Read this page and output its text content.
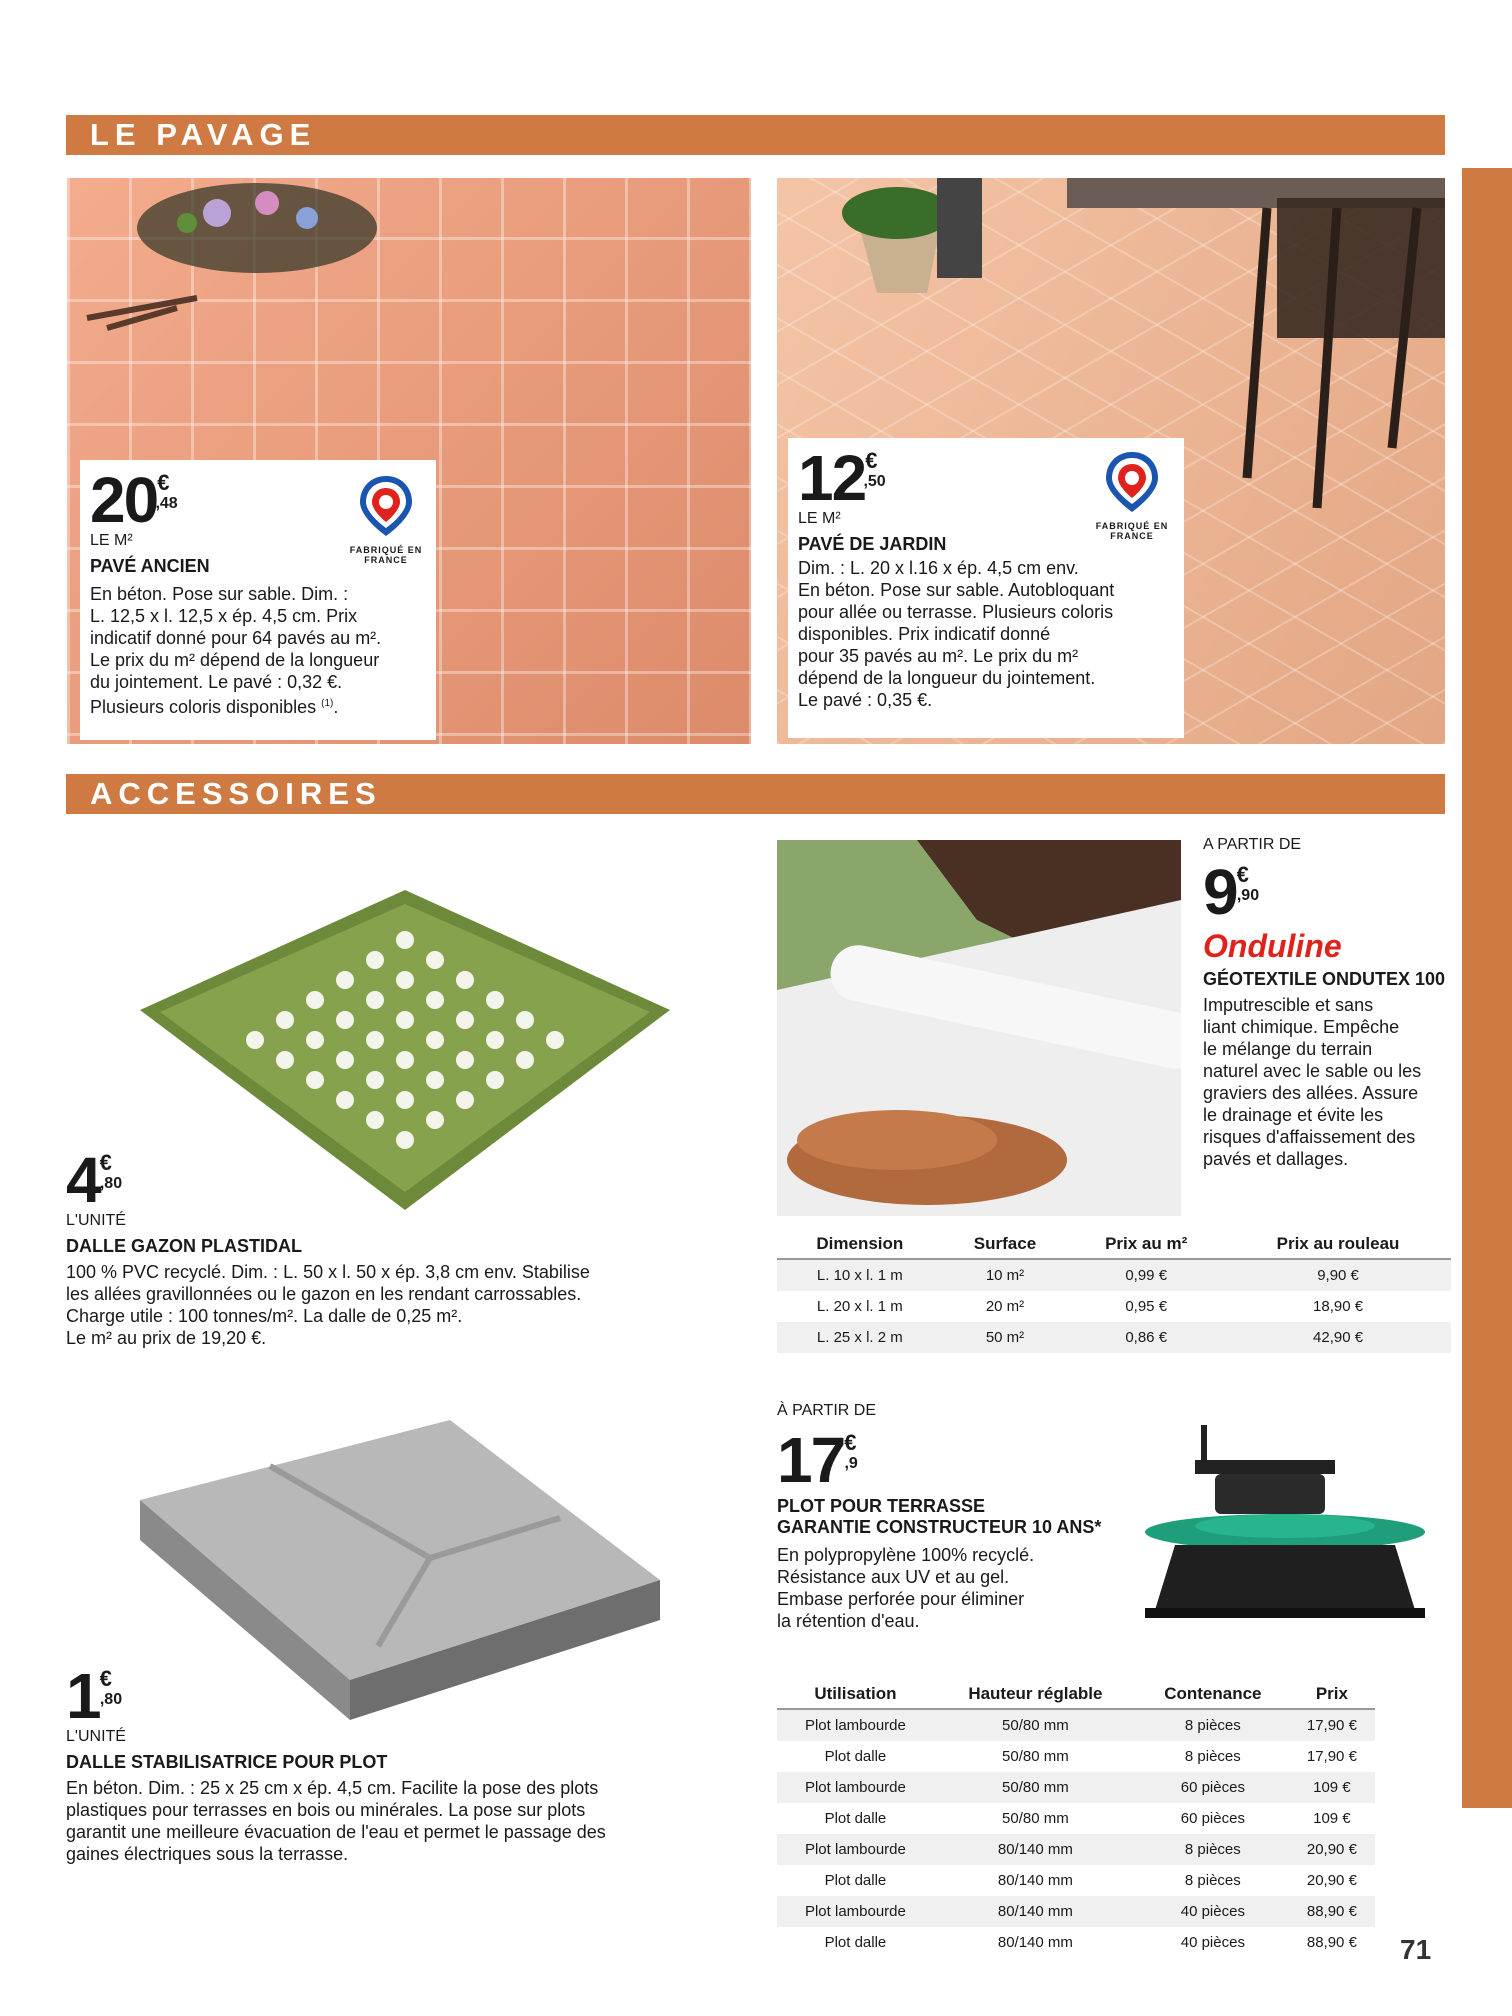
LE PAVAGE
20€,48
LE M²
PAVÉ ANCIEN
En béton. Pose sur sable. Dim. :
L. 12,5 x l. 12,5 x ép. 4,5 cm. Prix
indicatif donné pour 64 pavés au m².
Le prix du m² dépend de la longueur
du jointement. Le pavé : 0,32 €.
Plusieurs coloris disponibles $^{(1)}$.
FABRIQUÉ EN FRANCE
12€,50
LE M²
PAVÉ DE JARDIN
Dim. : L. 20 x l.16 x ép. 4,5 cm env.
En béton. Pose sur sable. Autobloquant
pour allée ou terrasse. Plusieurs coloris
disponibles. Prix indicatif donné
pour 35 pavés au m². Le prix du m²
dépend de la longueur du jointement.
Le pavé : 0,35 €.
FABRIQUÉ EN FRANCE
ACCESSOIRES
4€,80
L'UNITÉ
DALLE GAZON PLASTIDAL
100 % PVC recyclé. Dim. : L. 50 x l. 50 x ép. 3,8 cm env. Stabilise
les allées gravillonnées ou le gazon en les rendant carrossables.
Charge utile : 100 tonnes/m². La dalle de 0,25 m².
Le m² au prix de 19,20 €.
A PARTIR DE
9€,90
Onduline
GÉOTEXTILE ONDUTEX 100
Imputrescible et sans
liant chimique. Empêche
le mélange du terrain
naturel avec le sable ou les
graviers des allées. Assure
le drainage et évite les
risques d'affaissement des
pavés et dallages.
Dimension	Surface	Prix au m²	Prix au rouleau
L. 10 x l. 1 m	10 m²	0,99 €	9,90 €
L. 20 x l. 1 m	20 m²	0,95 €	18,90 €
L. 25 x l. 2 m	50 m²	0,86 €	42,90 €
1€,80
L'UNITÉ
DALLE STABILISATRICE POUR PLOT
En béton. Dim. : 25 x 25 cm x ép. 4,5 cm. Facilite la pose des plots
plastiques pour terrasses en bois ou minérales. La pose sur plots
garantit une meilleure évacuation de l'eau et permet le passage des
gaines électriques sous la terrasse.
À PARTIR DE
17€,9
PLOT POUR TERRASSE
GARANTIE CONSTRUCTEUR 10 ANS*
En polypropylène 100% recyclé.
Résistance aux UV et au gel.
Embase perforée pour éliminer
la rétention d'eau.
Utilisation	Hauteur réglable	Contenance	Prix
Plot lambourde	50/80 mm	8 pièces	17,90 €
Plot dalle	50/80 mm	8 pièces	17,90 €
Plot lambourde	50/80 mm	60 pièces	109 €
Plot dalle	50/80 mm	60 pièces	109 €
Plot lambourde	80/140 mm	8 pièces	20,90 €
Plot dalle	80/140 mm	8 pièces	20,90 €
Plot lambourde	80/140 mm	40 pièces	88,90 €
Plot dalle	80/140 mm	40 pièces	88,90 € 71
